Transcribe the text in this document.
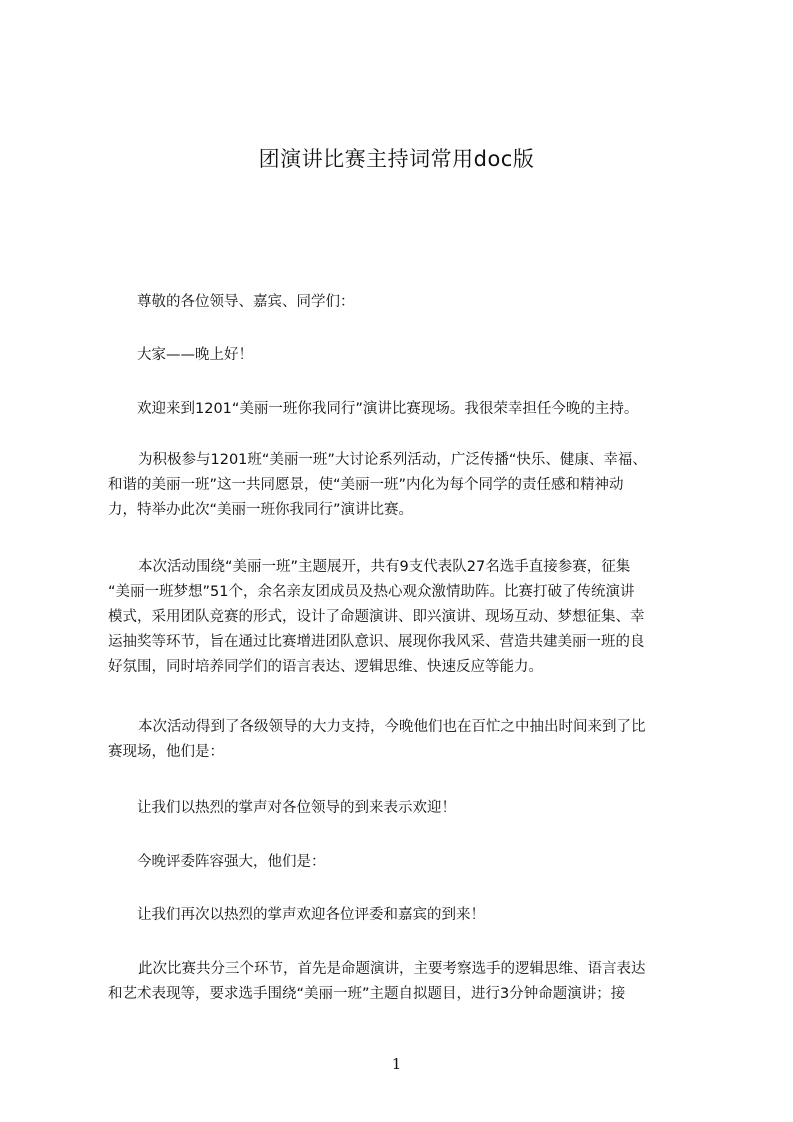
团演讲比赛主持词常用doc版
尊敬的各位领导、嘉宾、同学们：
大家——晚上好！
欢迎来到1201“美丽一班你我同行”演讲比赛现场。我很荣幸担任今晚的主持。
为积极参与1201班“美丽一班”大讨论系列活动，广泛传播“快乐、健康、幸福、
和谐的美丽一班”这一共同愿景，使“美丽一班”内化为每个同学的责任感和精神动
力，特举办此次“美丽一班你我同行”演讲比赛。
本次活动围绕“美丽一班”主题展开，共有9支代表队27名选手直接参赛，征集
“美丽一班梦想”51个，余名亲友团成员及热心观众激情助阵。比赛打破了传统演讲
模式，采用团队竞赛的形式，设计了命题演讲、即兴演讲、现场互动、梦想征集、幸
运抽奖等环节，旨在通过比赛增进团队意识、展现你我风采、营造共建美丽一班的良
好氛围，同时培养同学们的语言表达、逻辑思维、快速反应等能力。
本次活动得到了各级领导的大力支持，今晚他们也在百忙之中抽出时间来到了比
赛现场，他们是：
让我们以热烈的掌声对各位领导的到来表示欢迎！
今晚评委阵容强大，他们是：
让我们再次以热烈的掌声欢迎各位评委和嘉宾的到来！
此次比赛共分三个环节，首先是命题演讲，主要考察选手的逻辑思维、语言表达
和艺术表现等，要求选手围绕“美丽一班”主题自拟题目，进行3分钟命题演讲；接
1
